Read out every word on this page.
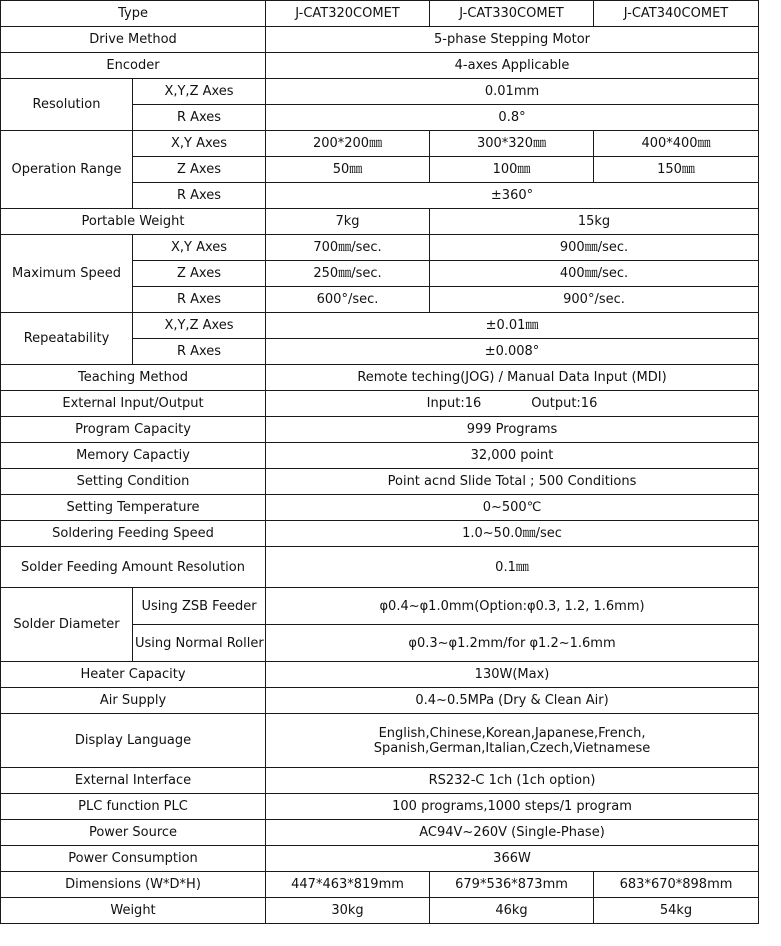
Type		J-CAT320COMET	J-CAT330COMET	J-CAT340COMET
Drive Method		5-phase Stepping Motor		
Encoder		4-axes Applicable		
Resolution	X,Y,Z Axes	0.01mm		
	R Axes	0.8°		
Operation Range	X,Y Axes	200*200㎜	300*320㎜	400*400㎜
	Z Axes	50㎜	100㎜	150㎜
	R Axes	±360°		
Portable Weight		7kg	15kg	
Maximum Speed	X,Y Axes	700㎜/sec.	900㎜/sec.	
	Z Axes	250㎜/sec.	400㎜/sec.	
	R Axes	600°/sec.	900°/sec.	
Repeatability	X,Y,Z Axes	±0.01㎜		
	R Axes	±0.008°		
Teaching Method		Remote teching(JOG) / Manual Data Input (MDI)		
External Input/Output		Input:16 Output:16		
Program Capacity		999 Programs		
Memory Capactiy		32,000 point		
Setting Condition		Point acnd Slide Total ; 500 Conditions		
Setting Temperature		0~500℃		
Soldering Feeding Speed		1.0~50.0㎜/sec		
Solder Feeding Amount Resolution		0.1㎜		
Solder Diameter	Using ZSB Feeder	φ0.4~φ1.0mm(Option:φ0.3, 1.2, 1.6mm)		
	Using Normal Roller	φ0.3~φ1.2mm/for φ1.2~1.6mm		
Heater Capacity		130W(Max)		
Air Supply		0.4~0.5MPa (Dry & Clean Air)		
Display Language		English,Chinese,Korean,Japanese,French,
Spanish,German,Italian,Czech,Vietnamese		

External Interface		RS232-C 1ch (1ch option)		
PLC function PLC		100 programs,1000 steps/1 program		
Power Source		AC94V~260V (Single-Phase)		
Power Consumption		366W		
Dimensions (W*D*H)		447*463*819mm	679*536*873mm	683*670*898mm
Weight		30kg	46kg	54kg
